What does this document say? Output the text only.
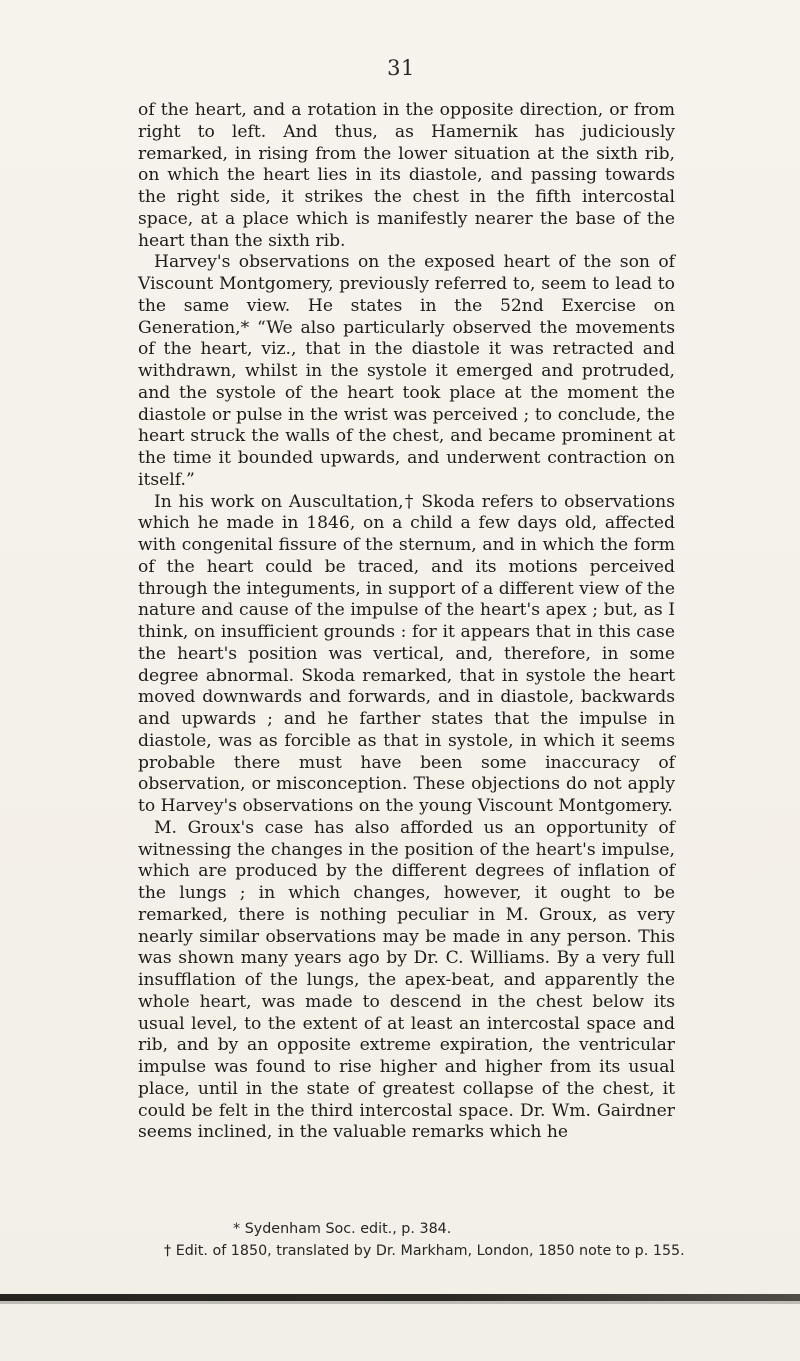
31

of the heart, and a rotation in the opposite direction, or from right to left. And thus, as Hamernik has judiciously remarked, in rising from the lower situation at the sixth rib, on which the heart lies in its diastole, and passing towards the right side, it strikes the chest in the fifth intercostal space, at a place which is manifestly nearer the base of the heart than the sixth rib.

Harvey's observations on the exposed heart of the son of Viscount Montgomery, previously referred to, seem to lead to the same view. He states in the 52nd Exercise on Generation,* “We also particularly observed the movements of the heart, viz., that in the diastole it was retracted and withdrawn, whilst in the systole it emerged and protruded, and the systole of the heart took place at the moment the diastole or pulse in the wrist was perceived ; to conclude, the heart struck the walls of the chest, and became prominent at the time it bounded upwards, and underwent contraction on itself.”

In his work on Auscultation,† Skoda refers to observations which he made in 1846, on a child a few days old, affected with congenital fissure of the sternum, and in which the form of the heart could be traced, and its motions perceived through the integuments, in support of a different view of the nature and cause of the impulse of the heart's apex ; but, as I think, on insufficient grounds : for it appears that in this case the heart's position was vertical, and, therefore, in some degree abnormal. Skoda remarked, that in systole the heart moved downwards and forwards, and in diastole, backwards and upwards ; and he farther states that the impulse in diastole, was as forcible as that in systole, in which it seems probable there must have been some inaccuracy of observation, or misconception. These objections do not apply to Harvey's observations on the young Viscount Montgomery.

M. Groux's case has also afforded us an opportunity of witnessing the changes in the position of the heart's impulse, which are produced by the different degrees of inflation of the lungs ; in which changes, however, it ought to be remarked, there is nothing peculiar in M. Groux, as very nearly similar observations may be made in any person. This was shown many years ago by Dr. C. Williams. By a very full insufflation of the lungs, the apex-beat, and apparently the whole heart, was made to descend in the chest below its usual level, to the extent of at least an intercostal space and rib, and by an opposite extreme expiration, the ventricular impulse was found to rise higher and higher from its usual place, until in the state of greatest collapse of the chest, it could be felt in the third intercostal space. Dr. Wm. Gairdner seems inclined, in the valuable remarks which he

* Sydenham Soc. edit., p. 384.

† Edit. of 1850, translated by Dr. Markham, London, 1850 note to p. 155.
